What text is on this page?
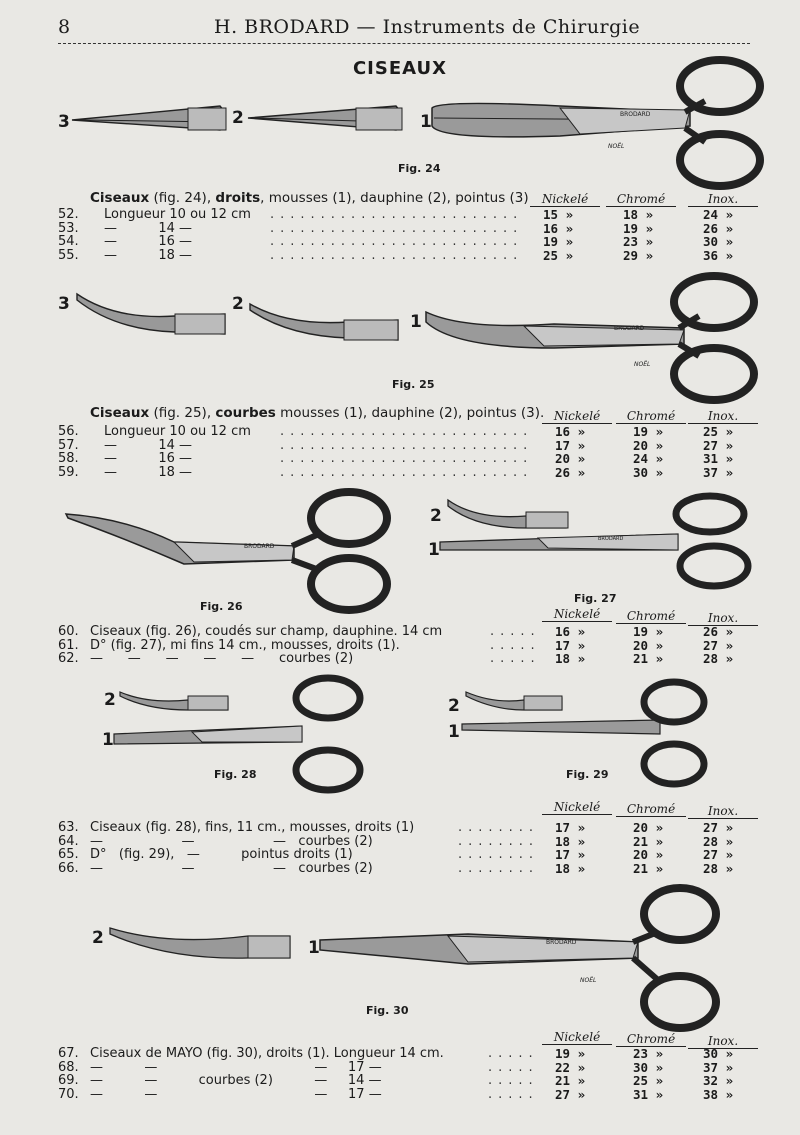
8	H. BRODARD — Instruments de Chirurgie
CISEAUX
3	2	1	BRODARD
NOËL
Fig. 24
Ciseaux (fig. 24), droits, mousses (1), dauphine (2), pointus (3)	Nickelé	Chromé	Inox.
3	2
1	BRODARD
NOËL
Fig. 25
Ciseaux (fig. 25), courbes mousses (1), dauphine (2), pointus (3). Nickelé	Chromé	Inox.
BRODARD
Fig. 26
2
1
BRODARD
Fig. 27
Nickelé	Chromé	Inox.
2
1
Fig. 28
2
1
Fig. 29
Nickelé	Chromé	Inox.
2	1	BRODARD
NOËL
Fig. 30
Nickelé	Chromé	Inox.
52. Longueur 10 ou 12 cm ......................... 15 »	18 »	24 »
53. —          14 —	......................... 16 »	19 »	26 »
54. —          16 —	......................... 19 »	23 »	30 »
55. —          18 —	......................... 25 »	29 »	36 »
56. Longueur 10 ou 12 cm ......................... 16 »	19 »	25 »
57. —          14 —	......................... 17 »	20 »	27 »
58. —          16 —	......................... 20 »	24 »	31 »
59. —          18 —	......................... 26 »	30 »	37 »
60. Ciseaux (fig. 26), coudés sur champ, dauphine. 14 cm	..... 16 »	19 »	26 »
61. D° (fig. 27), mi fins 14 cm., mousses, droits (1).	..... 17 »	20 »	27 »
62. —      —      —      —      —      courbes (2)	..... 18 »	21 »	28 »
63. Ciseaux (fig. 28), fins, 11 cm., mousses, droits (1)	........ 17 »	20 »	27 »
64. —                   —                   —   courbes (2)	........ 18 »	21 »	28 »
65. D°   (fig. 29),   —          pointus droits (1)	........ 17 »	20 »	27 »
66. —                   —                   —   courbes (2)	........ 18 »	21 »	28 »
67. Ciseaux de MAYO (fig. 30), droits (1). Longueur 14 cm.	..... 19 »	23 »	30 »
68. —          —                                      —     17 —	..... 22 »	30 »	37 »
69. —          —          courbes (2)          —     14 —	..... 21 »	25 »	32 »
70. —          —                                      —     17 —	..... 27 »	31 »	38 »
